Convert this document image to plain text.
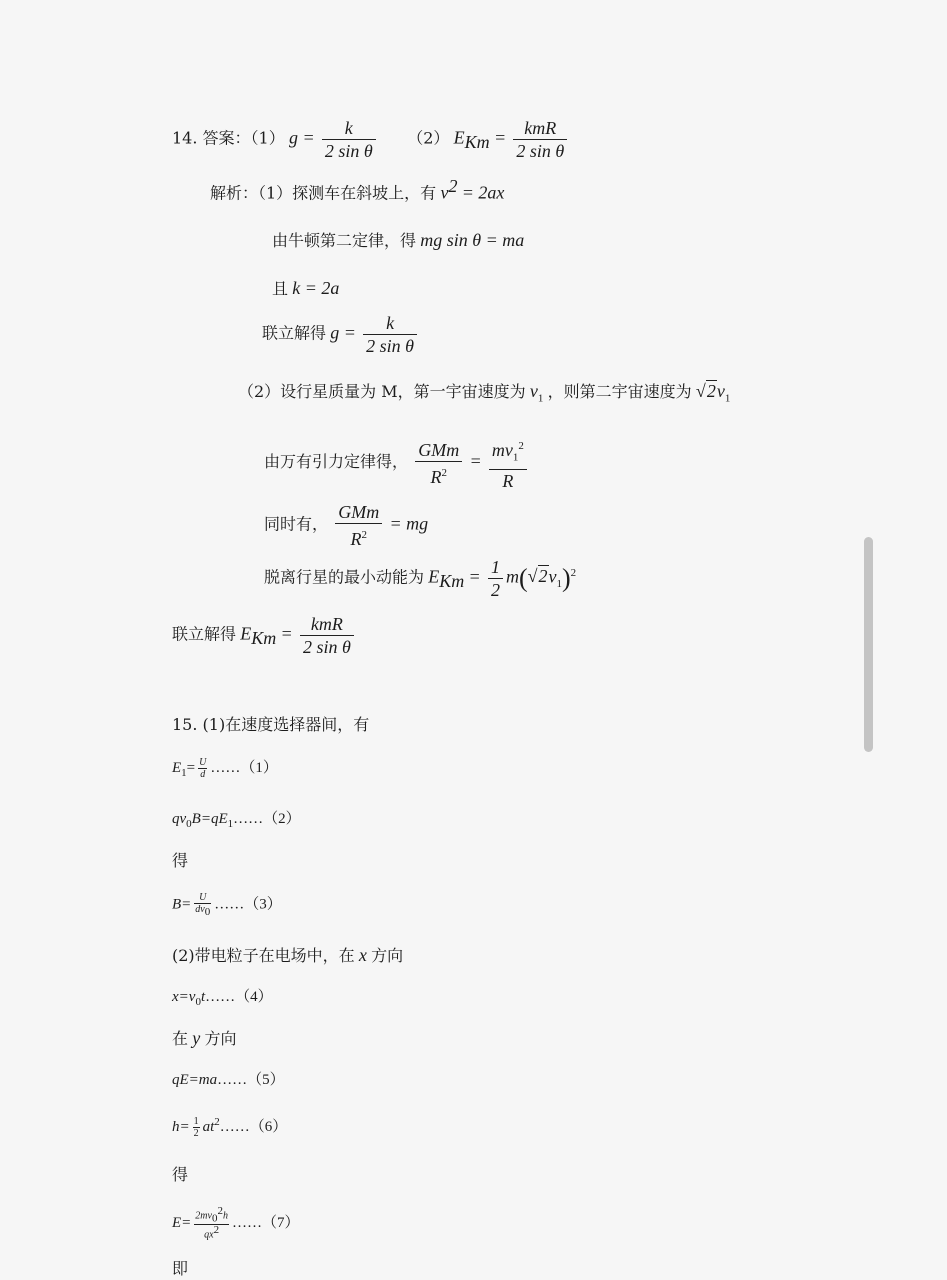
14. 答案：（1） $g = \frac{k}{\text{2 sin θ}} (2) E_{Km} = \frac{\text{kmR}}{\text{2 sin θ}}$
解析：（1）探测车在斜坡上，有 $v^2 = 2ax$
由牛顿第二定律，得 mg sin θ = ma
且 k = 2a
联立解得 $g = \frac{k}{\text{2 sin θ}}$
（2）设行星质量为 M，第一宇宙速度为 $v_1$ ，则第二宇宙速度为 $√2v_1$
由万有引力定律得， $\frac{\text{GMm}}{R^2} = \frac{mv_1^2}{R}$
同时有， $\frac{\text{GMm}}{R^2}$ = mg
脱离行星的最小动能为 $E_{Km} = \frac{1}{2} m(√2v_1)^2$
联立解得 $E_{Km} = \frac{\text{kmR}}{\text{2 sin θ}}$
15. (1)在速度选择器间，有
$E_1= \frac{U}{d}$ ……（1）
$qv_0B=qE_1\dots\dots(2)$
得
$B= \frac{U}{dv_0}$ ……（3）
(2)带电粒子在电场中，在 x 方向
$x=v_0t\dots\dots(4)$
在 y 方向
qE=ma……（5）
$h= \frac{1}{2}$ $at^2\dots\dots(6)$
得
$E= \frac{2mv_0^2h}{qx^2}$ ……（7）
即
